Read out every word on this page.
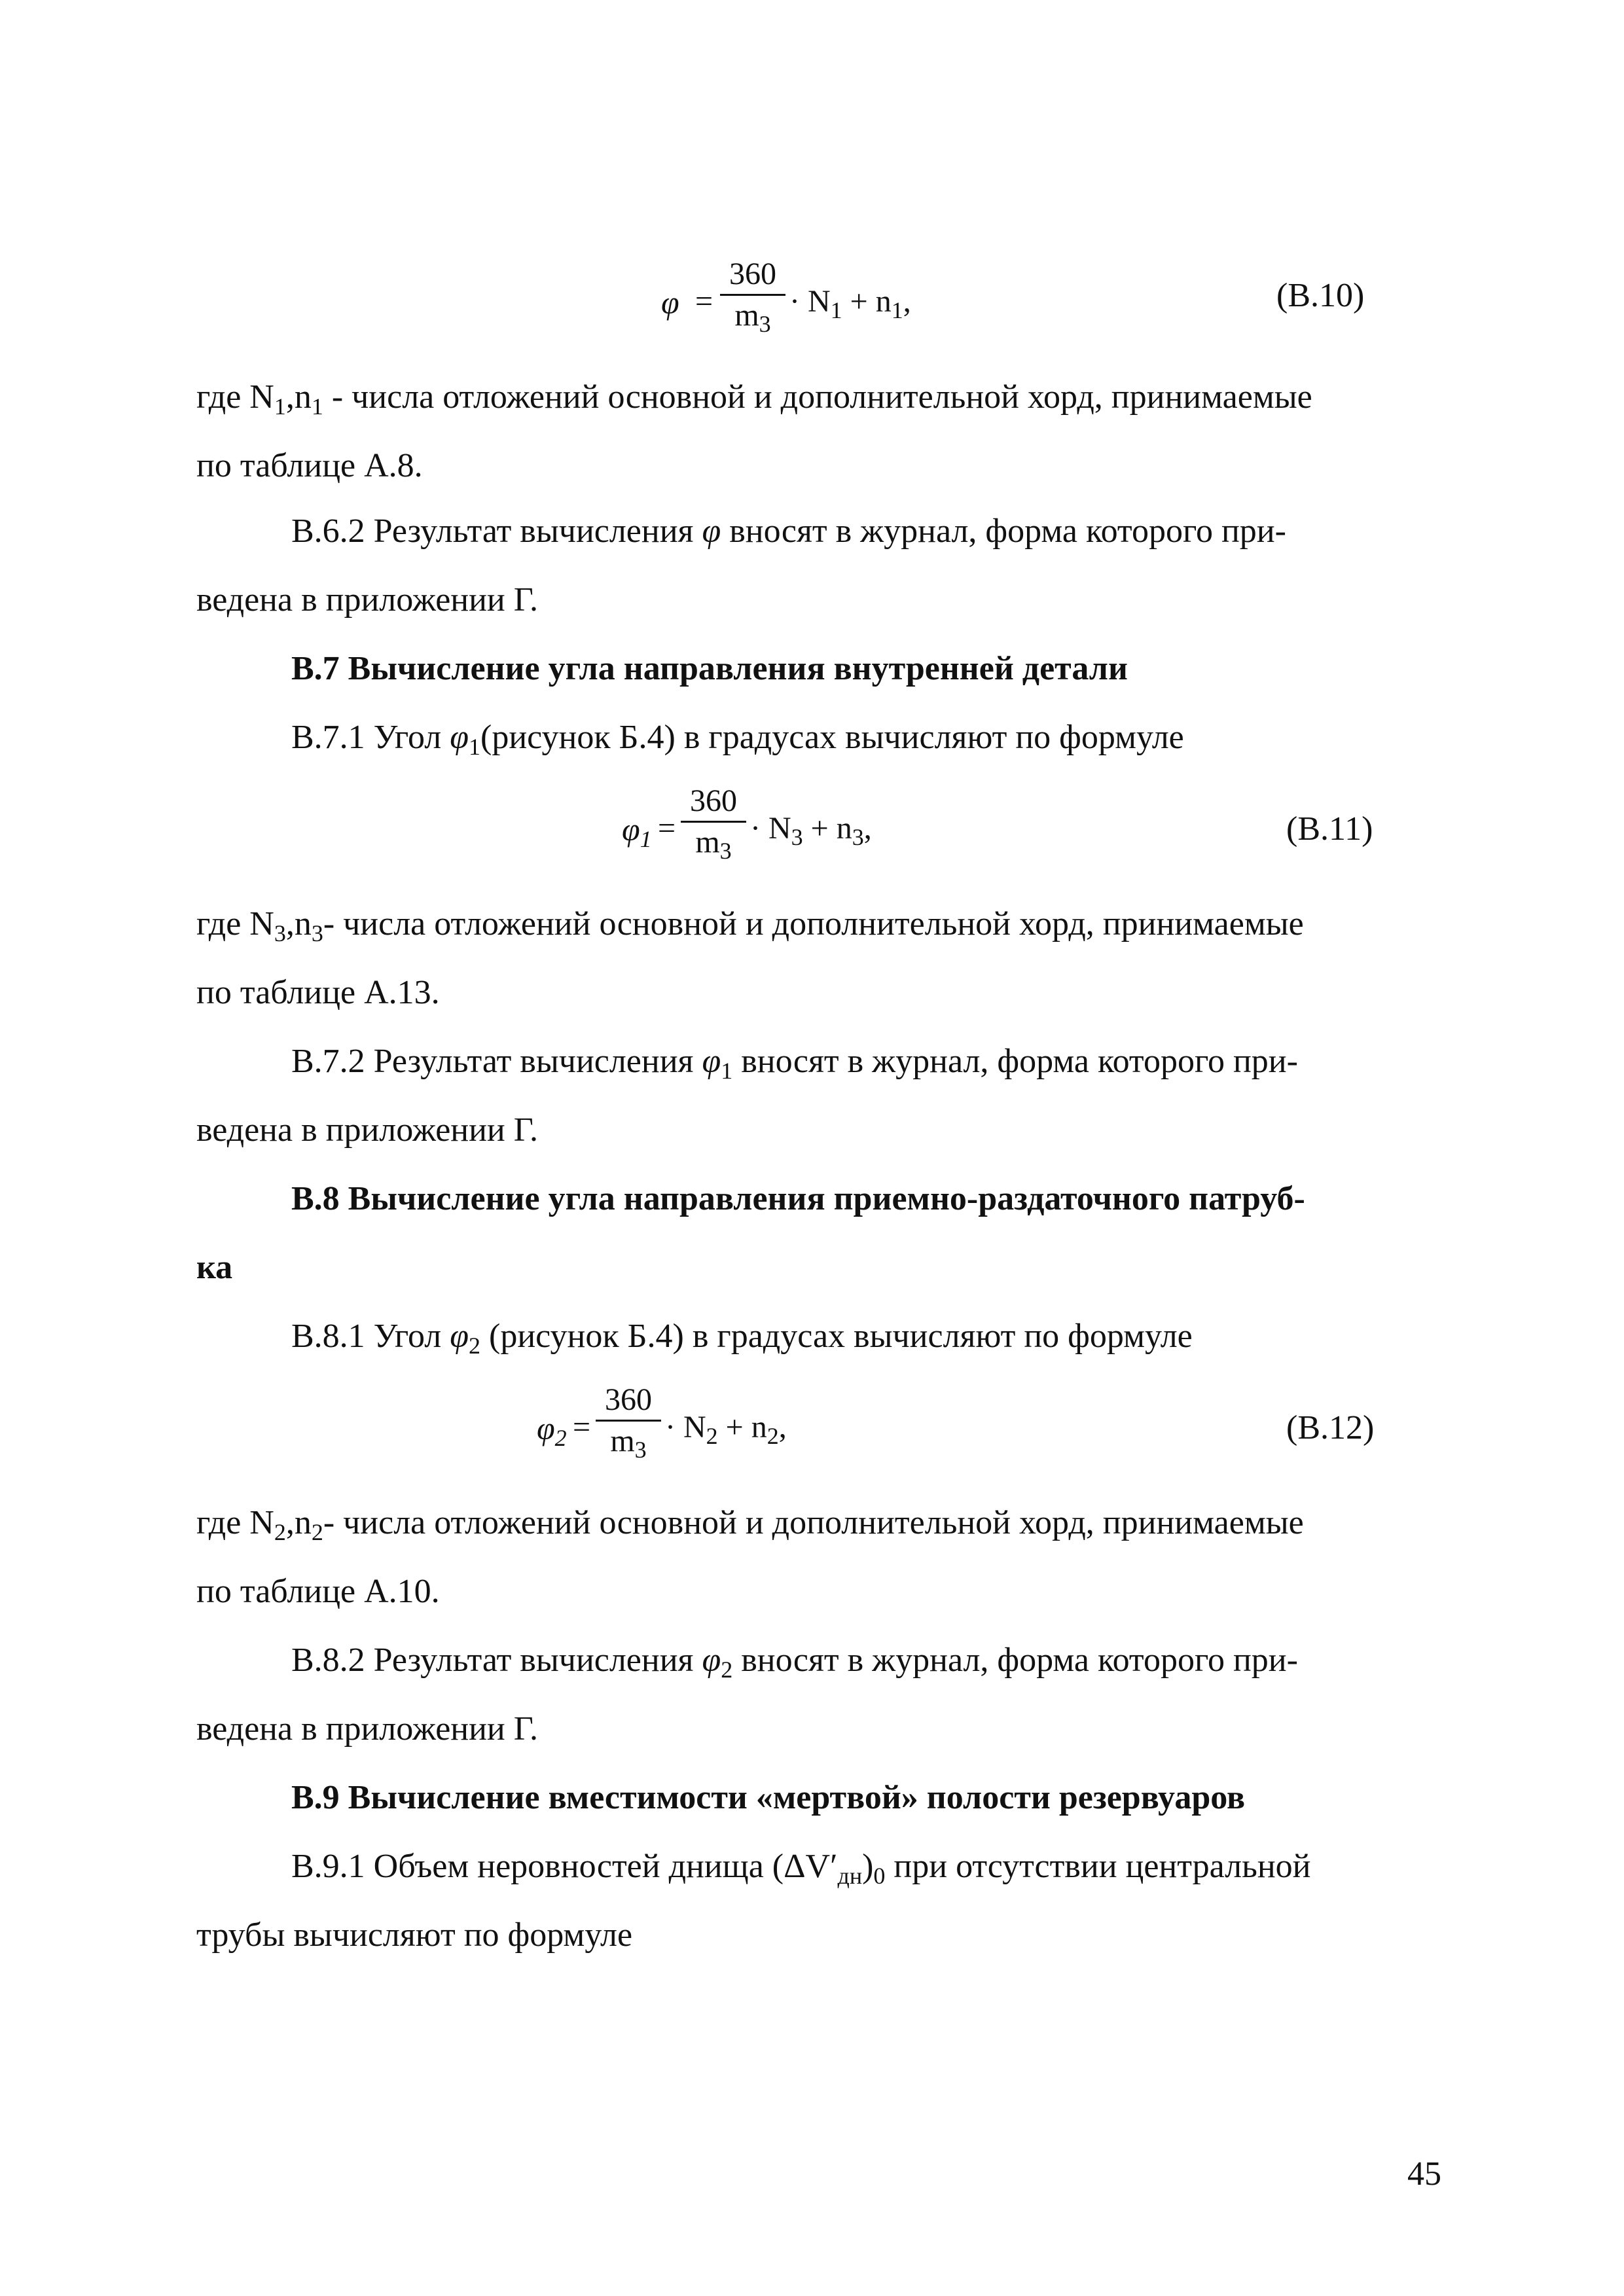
φ =
360
$m_3$
· $N_1 + n_1$,	(В.10)
где $N_1,n_1$ - числа отложений основной и дополнительной хорд, принимаемые
по таблице А.8.
В.6.2 Результат вычисления φ вносят в журнал, форма которого при-
ведена в приложении Г.
В.7 Вычисление угла направления внутренней детали
В.7.1 Угол $\varphi_1(рисунок$ Б.4) в градусах вычисляют по формуле
$\varphi_1$ =
360
$m_3$
· $N_3 + n_3$,	(В.11)
где $N_3,n_3-$ числа отложений основной и дополнительной хорд, принимаемые
по таблице А.13.
В.7.2 Результат вычисления $\varphi_1$ вносят в журнал, форма которого при-
ведена в приложении Г.
В.8 Вычисление угла направления приемно-раздаточного патруб-
ка
В.8.1 Угол $\varphi_2$ (рисунок Б.4) в градусах вычисляют по формуле
$\varphi_2$ =
360
$m_3$
· $N_2 + n_2$,	(В.12)
где $N_2,n_2-$ числа отложений основной и дополнительной хорд, принимаемые
по таблице А.10.
В.8.2 Результат вычисления $\varphi_2$ вносят в журнал, форма которого при-
ведена в приложении Г.
В.9 Вычисление вместимости «мертвой» полости резервуаров
В.9.1 Объем неровностей днища $(\Delta V'_{дн})_0$ при отсутствии центральной
трубы вычисляют по формуле
45
